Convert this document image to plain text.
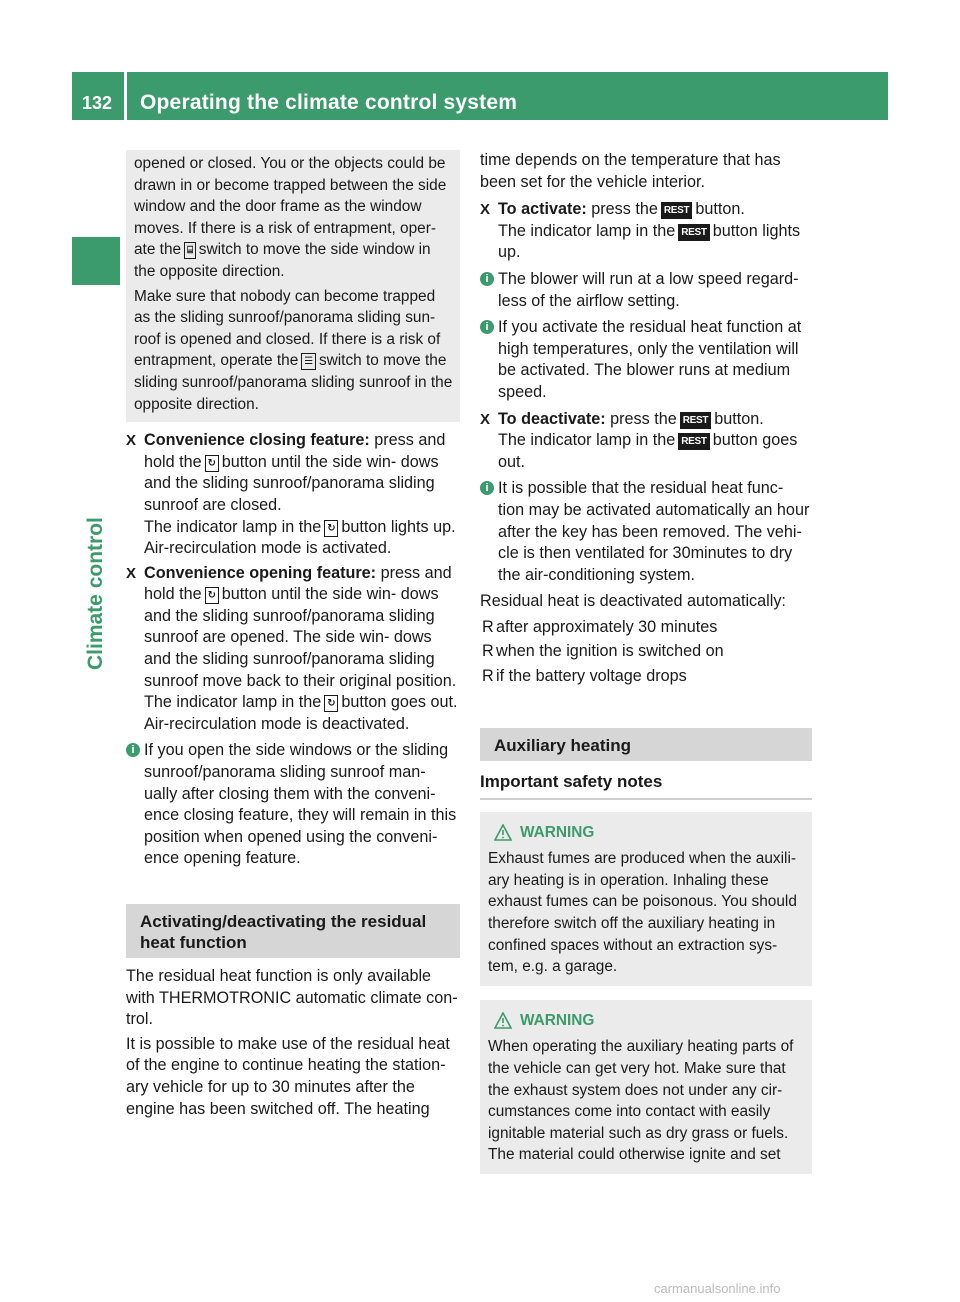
132 Operating the climate control system
Climate control

opened or closed. You or the objects could be drawn in or become trapped between the side window and the door frame as the window moves. If there is a risk of entrapment, oper- ate the ⌸ switch to move the side window in the opposite direction.

Make sure that nobody can become trapped as the sliding sunroof/panorama sliding sun- roof is opened and closed. If there is a risk of entrapment, operate the ☰ switch to move the sliding sunroof/panorama sliding sunroof in the opposite direction.

X Convenience closing feature: press and hold the ↻ button until the side win- dows and the sliding sunroof/panorama sliding sunroof are closed.
The indicator lamp in the ↻ button lights up. Air-recirculation mode is activated.
X Convenience opening feature: press and hold the ↻ button until the side win- dows and the sliding sunroof/panorama sliding sunroof are opened. The side win- dows and the sliding sunroof/panorama sliding sunroof move back to their original position.
The indicator lamp in the ↻ button goes out. Air-recirculation mode is deactivated.
i If you open the side windows or the sliding sunroof/panorama sliding sunroof man- ually after closing them with the conveni- ence closing feature, they will remain in this position when opened using the conveni- ence opening feature.
Activating/deactivating the residual heat function

The residual heat function is only available with THERMOTRONIC automatic climate con- trol.

It is possible to make use of the residual heat of the engine to continue heating the station- ary vehicle for up to 30 minutes after the engine has been switched off. The heating

time depends on the temperature that has been set for the vehicle interior.

X To activate: press the REST button.
The indicator lamp in the REST button lights up.
i The blower will run at a low speed regard- less of the airflow setting.
i If you activate the residual heat function at high temperatures, only the ventilation will be activated. The blower runs at medium speed.
X To deactivate: press the REST button.
The indicator lamp in the REST button goes out.
i It is possible that the residual heat func- tion may be activated automatically an hour after the key has been removed. The vehi- cle is then ventilated for 30minutes to dry the air-conditioning system.

Residual heat is deactivated automatically:

R after approximately 30 minutes
R when the ignition is switched on
R if the battery voltage drops
Auxiliary heating
Important safety notes
WARNING

Exhaust fumes are produced when the auxili- ary heating is in operation. Inhaling these exhaust fumes can be poisonous. You should therefore switch off the auxiliary heating in confined spaces without an extraction sys- tem, e.g. a garage.

WARNING

When operating the auxiliary heating parts of the vehicle can get very hot. Make sure that the exhaust system does not under any cir- cumstances come into contact with easily ignitable material such as dry grass or fuels. The material could otherwise ignite and set

carmanualsonline.info
